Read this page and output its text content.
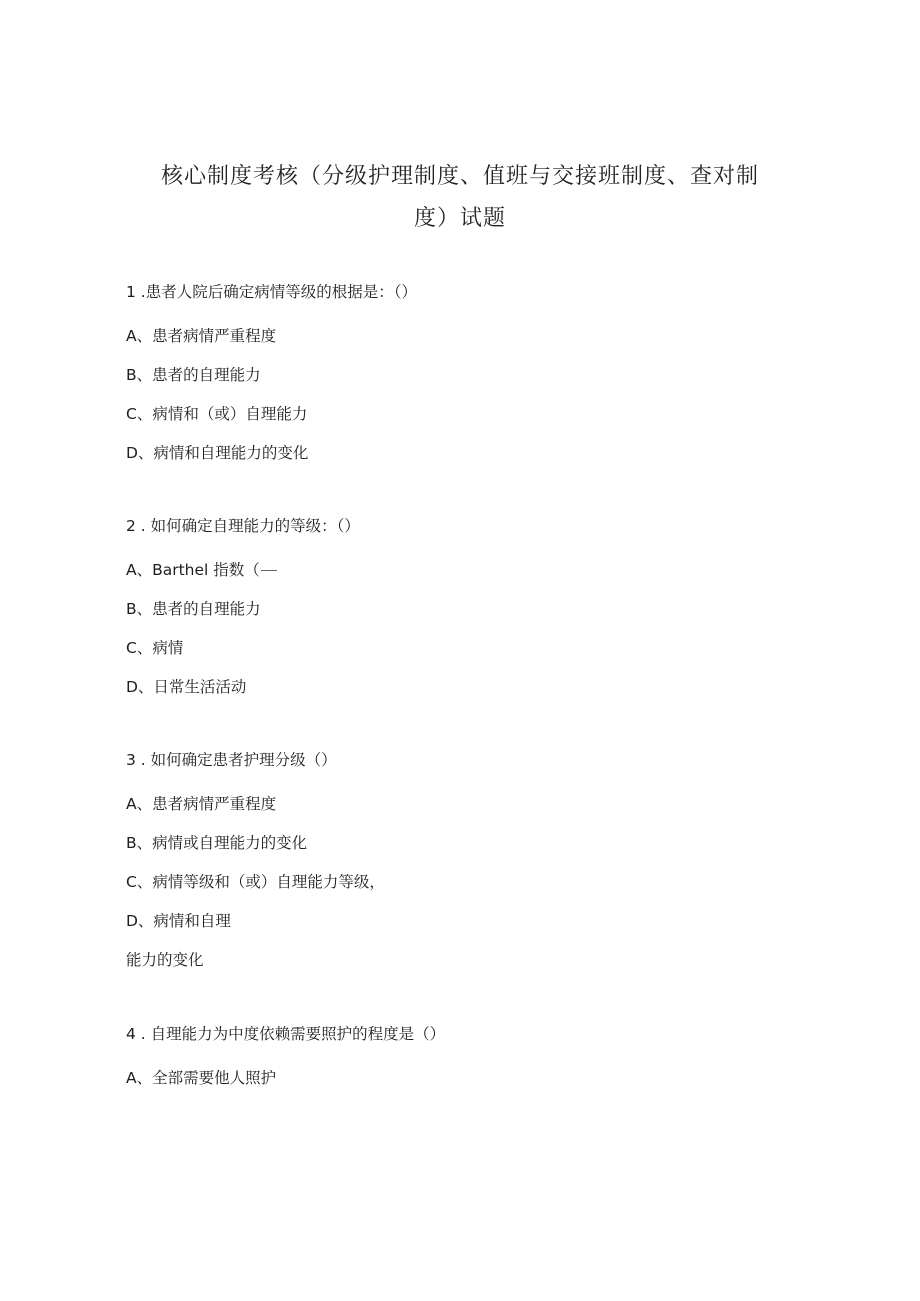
核心制度考核（分级护理制度、值班与交接班制度、查对制
度）试题
1 .患者人院后确定病情等级的根据是：（）
A、患者病情严重程度
B、患者的自理能力
C、病情和（或）自理能力
D、病情和自理能力的变化
2 . 如何确定自理能力的等级：（）
A、Barthel 指数（
B、患者的自理能力
C、病情
D、日常生活活动
3 . 如何确定患者护理分级（）
A、患者病情严重程度
B、病情或自理能力的变化
C、病情等级和（或）自理能力等级，
D、病情和自理
能力的变化
4 . 自理能力为中度依赖需要照护的程度是（）
A、全部需要他人照护
